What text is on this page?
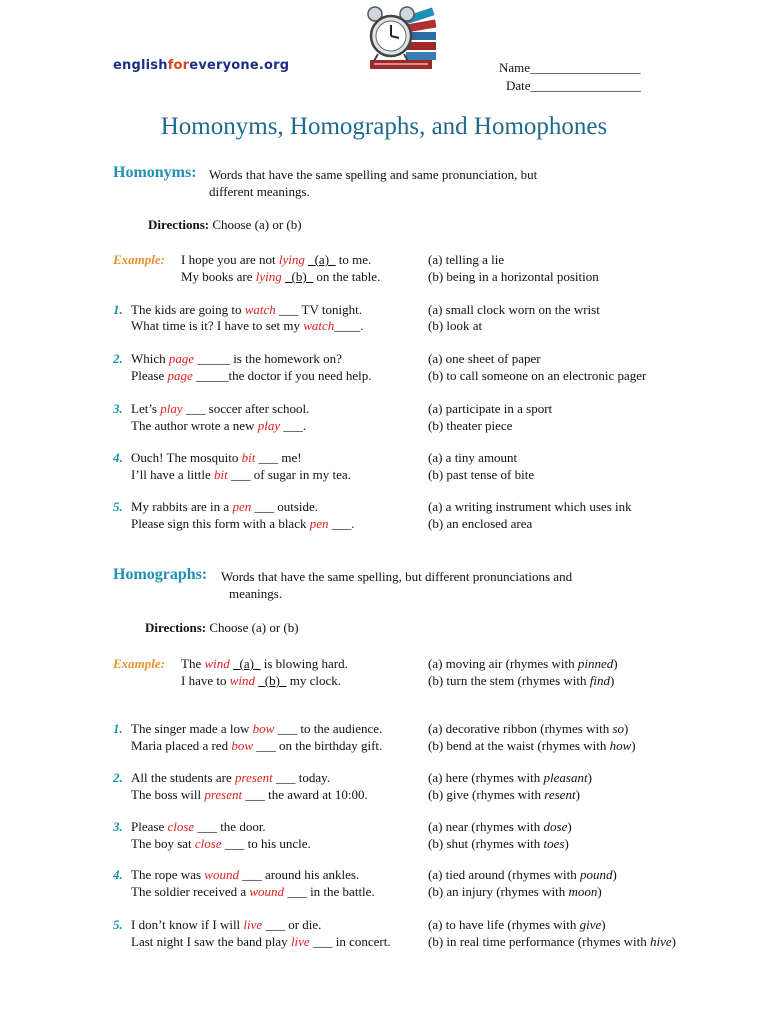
englishforeveryone.org	Name_________________
Date_________________
Homonyms, Homographs, and Homophones
Homonyms: Words that have the same spelling and same pronunciation, but
different meanings.
Directions: Choose (a) or (b)
Example: I hope you are not lying _(a)_ to me.
My books are lying _(b)_ on the table.
(a) telling a lie
(b) being in a horizontal position
1. The kids are going to watch ___ TV tonight.
What time is it? I have to set my watch____.
(a) small clock worn on the wrist
(b) look at
2. Which page _____ is the homework on?
Please page _____the doctor if you need help.
(a) one sheet of paper
(b) to call someone on an electronic pager
3. Let’s play ___ soccer after school.
The author wrote a new play ___.
(a) participate in a sport
(b) theater piece
4. Ouch! The mosquito bit ___ me!
I’ll have a little bit ___ of sugar in my tea.
(a) a tiny amount
(b) past tense of bite
5. My rabbits are in a pen ___ outside.
Please sign this form with a black pen ___.
(a) a writing instrument which uses ink
(b) an enclosed area
Homographs: Words that have the same spelling, but different pronunciations and
meanings.
Directions: Choose (a) or (b)
Example: The wind _(a)_ is blowing hard.
I have to wind _(b)_ my clock.
(a) moving air (rhymes with pinned)
(b) turn the stem (rhymes with find)
1. The singer made a low bow ___ to the audience.
Maria placed a red bow ___ on the birthday gift.
(a) decorative ribbon (rhymes with so)
(b) bend at the waist (rhymes with how)
2. All the students are present ___ today.
The boss will present ___ the award at 10:00.
(a) here (rhymes with pleasant)
(b) give (rhymes with resent)
3. Please close ___ the door.
The boy sat close ___ to his uncle.
(a) near (rhymes with dose)
(b) shut (rhymes with toes)
4. The rope was wound ___ around his ankles.
The soldier received a wound ___ in the battle.
(a) tied around (rhymes with pound)
(b) an injury (rhymes with moon)
5. I don’t know if I will live ___ or die.
Last night I saw the band play live ___ in concert.
(a) to have life (rhymes with give)
(b) in real time performance (rhymes with hive)
